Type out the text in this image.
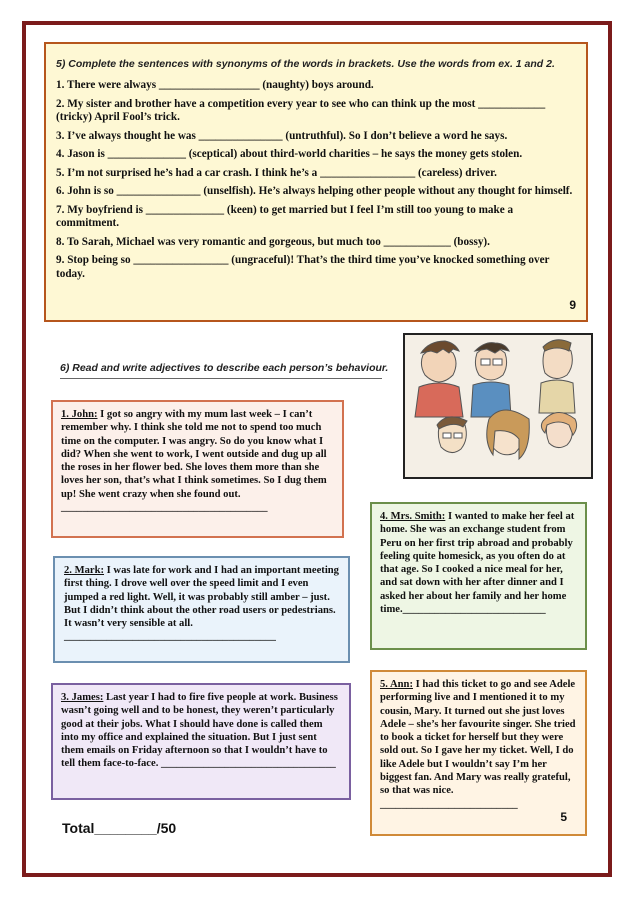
5) Complete the sentences with synonyms of the words in brackets. Use the words from ex. 1 and 2.
1. There were always __________________ (naughty) boys around.
2. My sister and brother have a competition every year to see who can think up the most ____________ (tricky) April Fool’s trick.
3. I’ve always thought he was _______________ (untruthful). So I don’t believe a word he says.
4. Jason is ______________ (sceptical) about third-world charities – he says the money gets stolen.
5. I’m not surprised he’s had a car crash. I think he’s a _________________ (careless) driver.
6. John is so _______________ (unselfish). He’s always helping other people without any thought for himself.
7. My boyfriend is ______________ (keen) to get married but I feel I’m still too young to make a commitment.
8. To Sarah, Michael was very romantic and gorgeous, but much too ____________ (bossy).
9. Stop being so _________________ (ungraceful)! That’s the third time you’ve knocked something over today.
9
6) Read and write adjectives to describe each person’s behaviour.
1. John: I got so angry with my mum last week – I can’t remember why. I think she told me not to spend too much time on the computer. I was angry. So do you know what I did? When she went to work, I went outside and dug up all the roses in her flower bed. She loves them more than she loves her son, that’s what I think sometimes. So I dug them up! She went crazy when she found out.
_______________________________________
2. Mark: I was late for work and I had an important meeting first thing. I drove well over the speed limit and I even jumped a red light. Well, it was probably still amber – just. But I didn’t think about the other road users or pedestrians. It wasn’t very sensible at all. ________________________________________
3. James: Last year I had to fire five people at work. Business wasn’t going well and to be honest, they weren’t particularly good at their jobs. What I should have done is called them into my office and explained the situation. But I just sent them emails on Friday afternoon so that I wouldn’t have to tell them face-to-face. _________________________________
4. Mrs. Smith: I wanted to make her feel at home. She was an exchange student from Peru on her first trip abroad and probably feeling quite homesick, as you often do at that age. So I cooked a nice meal for her, and sat down with her after dinner and I asked her about her family and her home time.___________________________
5. Ann: I had this ticket to go and see Adele performing live and I mentioned it to my cousin, Mary. It turned out she just loves Adele – she’s her favourite singer. She tried to book a ticket for herself but they were sold out. So I gave her my ticket. Well, I do like Adele but I wouldn’t say I’m her biggest fan. And Mary was really grateful, so that was nice.
__________________________
5
Total________/50
